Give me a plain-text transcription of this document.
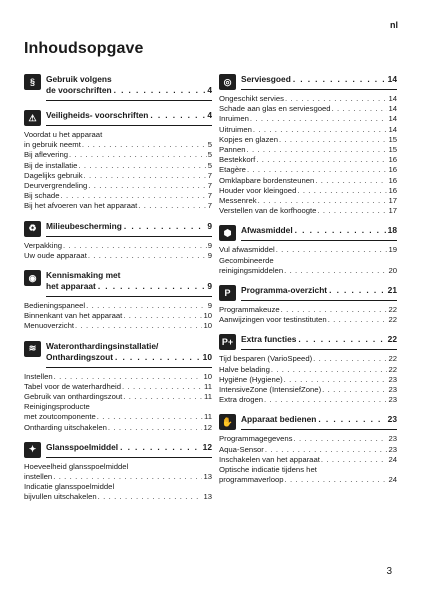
nl
Inhoudsopgave
§	Gebruik volgens
de voorschriften . . .	4
⚠	Veiligheids- voorschriften . . .	4
Voordat u het apparaat
in gebruik neemt . . .	5
Bij aflevering . . .	5
Bij de installatie . . .	5
Dagelijks gebruik . . .	7
Deurvergrendeling . . .	7
Bij schade . . .	7
Bij het afvoeren van het apparaat . . .	7
♻	Milieubescherming . . .	9
Verpakking . . .	9
Uw oude apparaat . . .	9
◉	Kennismaking met
het apparaat . . .	9
Bedieningspaneel . . .	9
Binnenkant van het apparaat . . .	10
Menuoverzicht . . .	10
≋	Wateronthardingsinstallatie/
Onthardingszout . . .	10
Instellen . . .	10
Tabel voor de waterhardheid . . .	11
Gebruik van onthardingszout . . .	11
Reinigingsproducte
met zoutcomponente . . .	11
Ontharding uitschakelen . . .	12
✦	Glansspoelmiddel . . .	12
Hoeveelheid glansspoelmiddel
instellen . . .	13
Indicatie glansspoelmiddel
bijvullen uitschakelen . . .	13
◎	Serviesgoed . . .	14
Ongeschikt servies . . .	14
Schade aan glas en serviesgoed . . .	14
Inruimen . . .	14
Uitruimen . . .	14
Kopjes en glazen . . .	15
Pannen . . .	15
Bestekkorf . . .	16
Etagère . . .	16
Omklapbare bordensteunen . . .	16
Houder voor kleingoed . . .	16
Messenrek . . .	17
Verstellen van de korfhoogte . . .	17
⬢	Afwasmiddel . . .	18
Vul afwasmiddel . . .	19
Gecombineerde
reinigingsmiddelen . . .	20
P	Programma-overzicht . . .	21
Programmakeuze . . .	22
Aanwijzingen voor testinstituten . . .	22
P+ Extra functies . . .	22
Tijd besparen (VarioSpeed) . . .	22
Halve belading . . .	22
Hygiëne (Hygiene) . . .	23
IntensiveZone (IntensiefZone) . . .	23
Extra drogen . . .	23
✋ Apparaat bedienen . . .	23
Programmagegevens . . .	23
Aqua-Sensor . . .	23
Inschakelen van het apparaat . . .	24
Optische indicatie tijdens het
programmaverloop . . .	24
3
